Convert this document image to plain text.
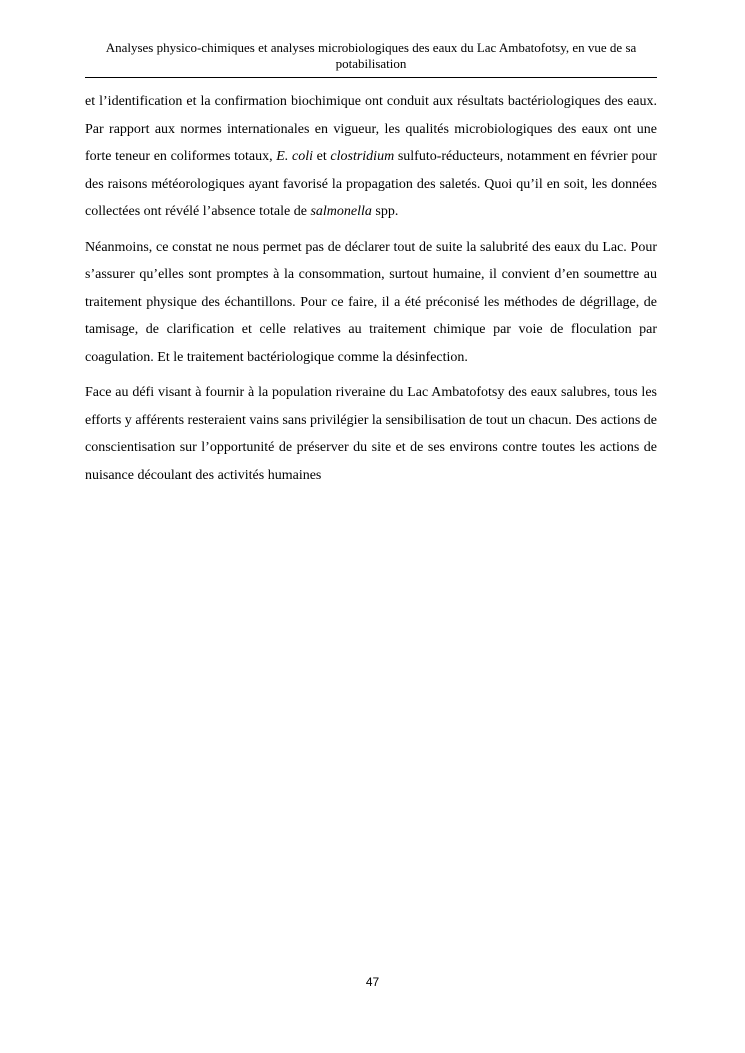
Analyses physico-chimiques et analyses microbiologiques des eaux du Lac Ambatofotsy, en vue de sa
potabilisation

et l’identification et la confirmation biochimique ont conduit aux résultats bactériologiques des eaux. Par rapport aux normes internationales en vigueur, les qualités microbiologiques des eaux ont une forte teneur en coliformes totaux, E. coli et clostridium sulfuto-réducteurs, notamment en février pour des raisons météorologiques ayant favorisé la propagation des saletés. Quoi qu’il en soit, les données collectées ont révélé l’absence totale de salmonella spp.

Néanmoins, ce constat ne nous permet pas de déclarer tout de suite la salubrité des eaux du Lac. Pour s’assurer qu’elles sont promptes à la consommation, surtout humaine, il convient d’en soumettre au traitement physique des échantillons. Pour ce faire, il a été préconisé les méthodes de dégrillage, de tamisage, de clarification et celle relatives au traitement chimique par voie de floculation par coagulation. Et le traitement bactériologique comme la désinfection.

Face au défi visant à fournir à la population riveraine du Lac Ambatofotsy des eaux salubres, tous les efforts y afférents resteraient vains sans privilégier la sensibilisation de tout un chacun. Des actions de conscientisation sur l’opportunité de préserver du site et de ses environs contre toutes les actions de nuisance découlant des activités humaines

47
